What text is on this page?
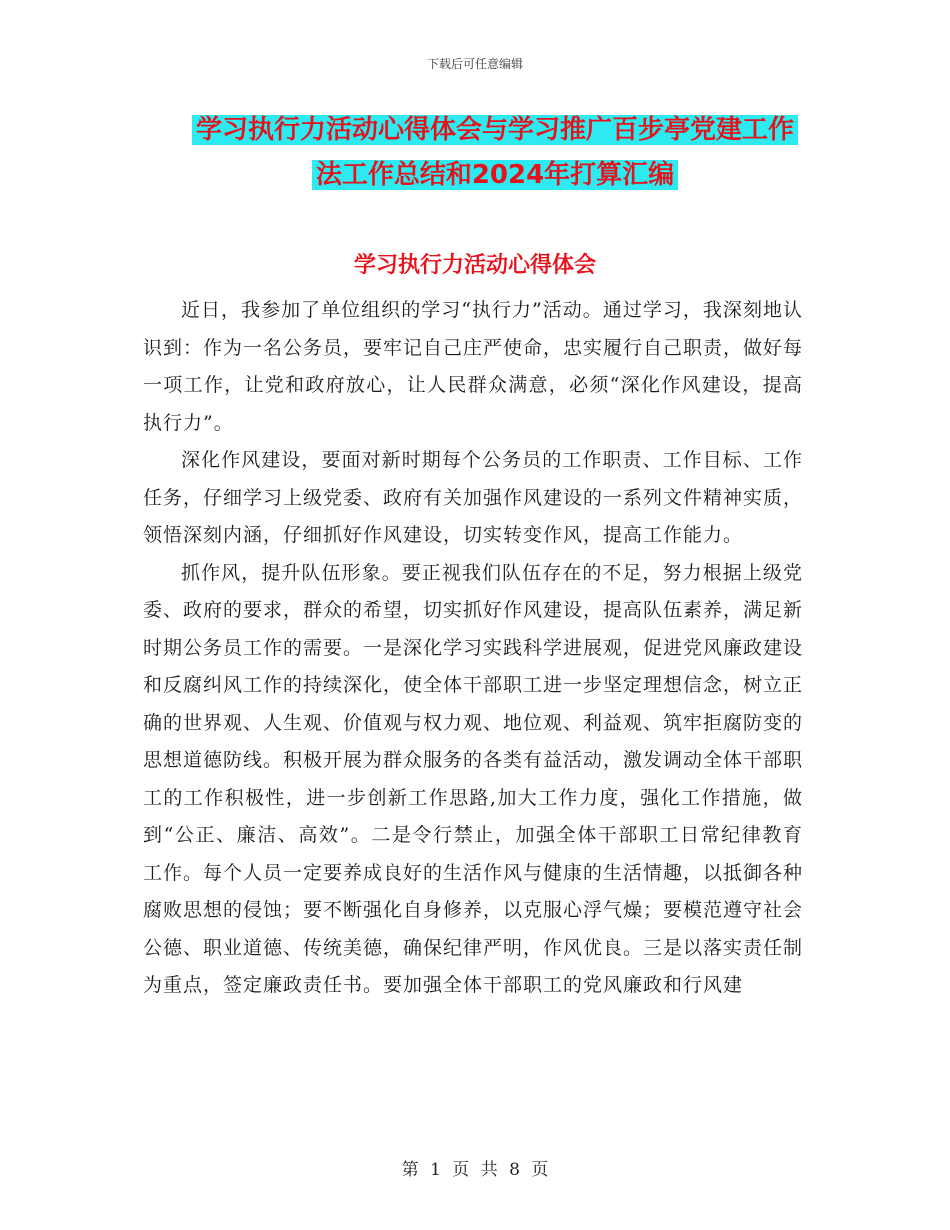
下载后可任意编辑
学习执行力活动心得体会与学习推广百步亭党建工作
法工作总结和2024年打算汇编
学习执行力活动心得体会

近日，我参加了单位组织的学习“执行力”活动。通过学习，我深刻地认识到：作为一名公务员，要牢记自己庄严使命，忠实履行自己职责，做好每一项工作，让党和政府放心，让人民群众满意，必须“深化作风建设，提高执行力”。

深化作风建设，要面对新时期每个公务员的工作职责、工作目标、工作任务，仔细学习上级党委、政府有关加强作风建设的一系列文件精神实质，领悟深刻内涵，仔细抓好作风建设，切实转变作风，提高工作能力。

抓作风，提升队伍形象。要正视我们队伍存在的不足，努力根据上级党委、政府的要求，群众的希望，切实抓好作风建设，提高队伍素养，满足新时期公务员工作的需要。一是深化学习实践科学进展观，促进党风廉政建设和反腐纠风工作的持续深化，使全体干部职工进一步坚定理想信念，树立正确的世界观、人生观、价值观与权力观、地位观、利益观、筑牢拒腐防变的思想道德防线。积极开展为群众服务的各类有益活动，激发调动全体干部职工的工作积极性，进一步创新工作思路,加大工作力度，强化工作措施，做到“公正、廉洁、高效”。二是令行禁止，加强全体干部职工日常纪律教育工作。每个人员一定要养成良好的生活作风与健康的生活情趣，以抵御各种腐败思想的侵蚀；要不断强化自身修养，以克服心浮气燥；要模范遵守社会公德、职业道德、传统美德，确保纪律严明，作风优良。三是以落实责任制为重点，签定廉政责任书。要加强全体干部职工的党风廉政和行风建

第 1 页 共 8 页
